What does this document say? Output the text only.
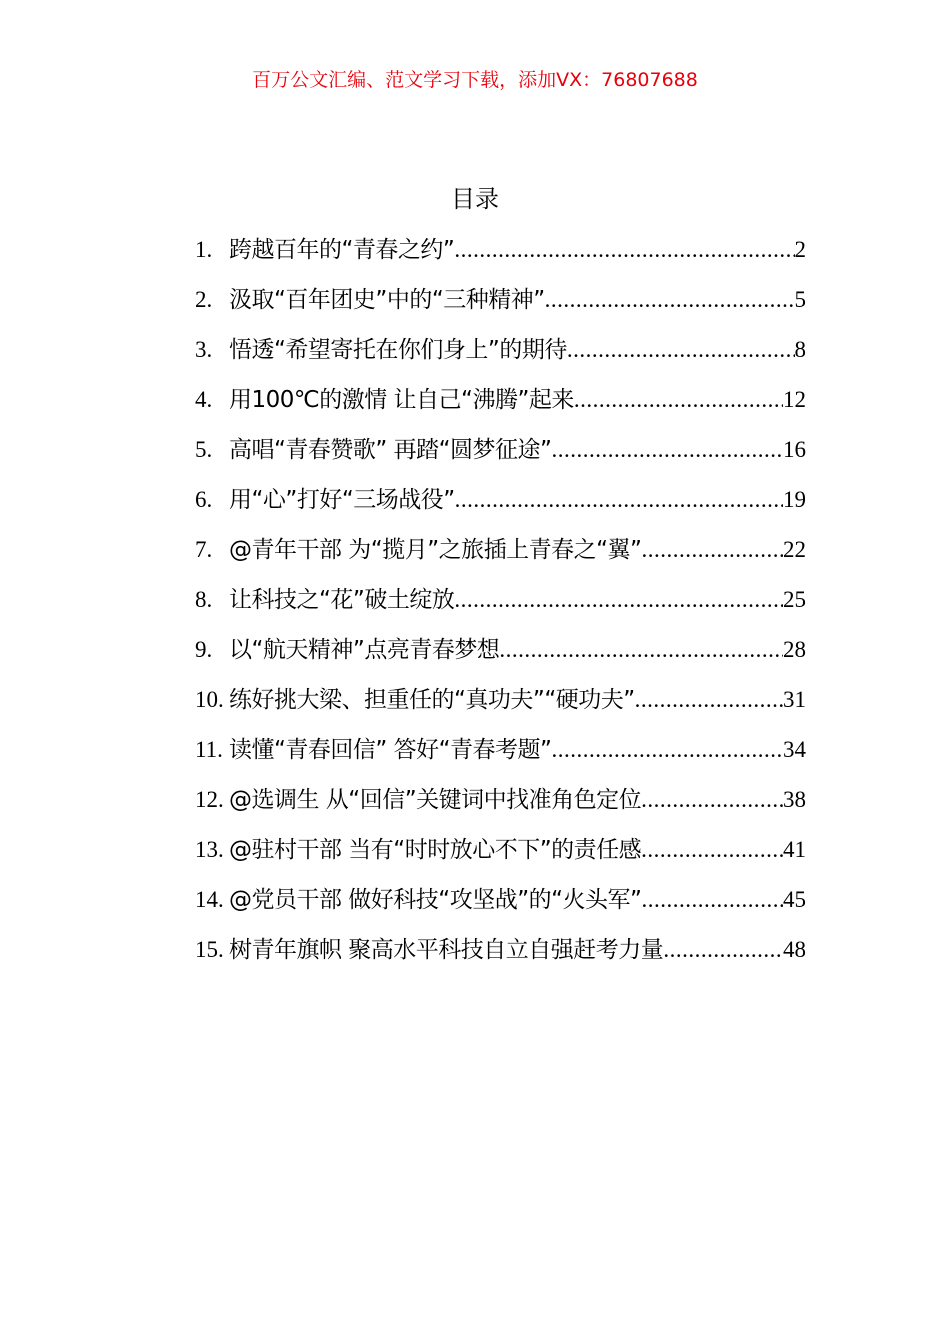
百万公文汇编、范文学习下载，添加VX：76807688
目录
1. 跨越百年的“青春之约” .....	2
2. 汲取“百年团史”中的“三种精神” .....	5
3. 悟透“希望寄托在你们身上”的期待 .....	8
4. 用100℃的激情 让自己“沸腾”起来 .....	12
5. 高唱“青春赞歌” 再踏“圆梦征途” .....	16
6. 用“心”打好“三场战役” .....	19
7. @青年干部 为“揽月”之旅插上青春之“翼” .....	22
8. 让科技之“花”破土绽放 .....	25
9. 以“航天精神”点亮青春梦想 .....	28
10. 练好挑大梁、担重任的“真功夫”“硬功夫” .....	31
11. 读懂“青春回信” 答好“青春考题” .....	34
12. @选调生 从“回信”关键词中找准角色定位 .....	38
13. @驻村干部 当有“时时放心不下”的责任感 .....	41
14. @党员干部 做好科技“攻坚战”的“火头军” .....	45
15. 树青年旗帜 聚高水平科技自立自强赶考力量 .....	48
